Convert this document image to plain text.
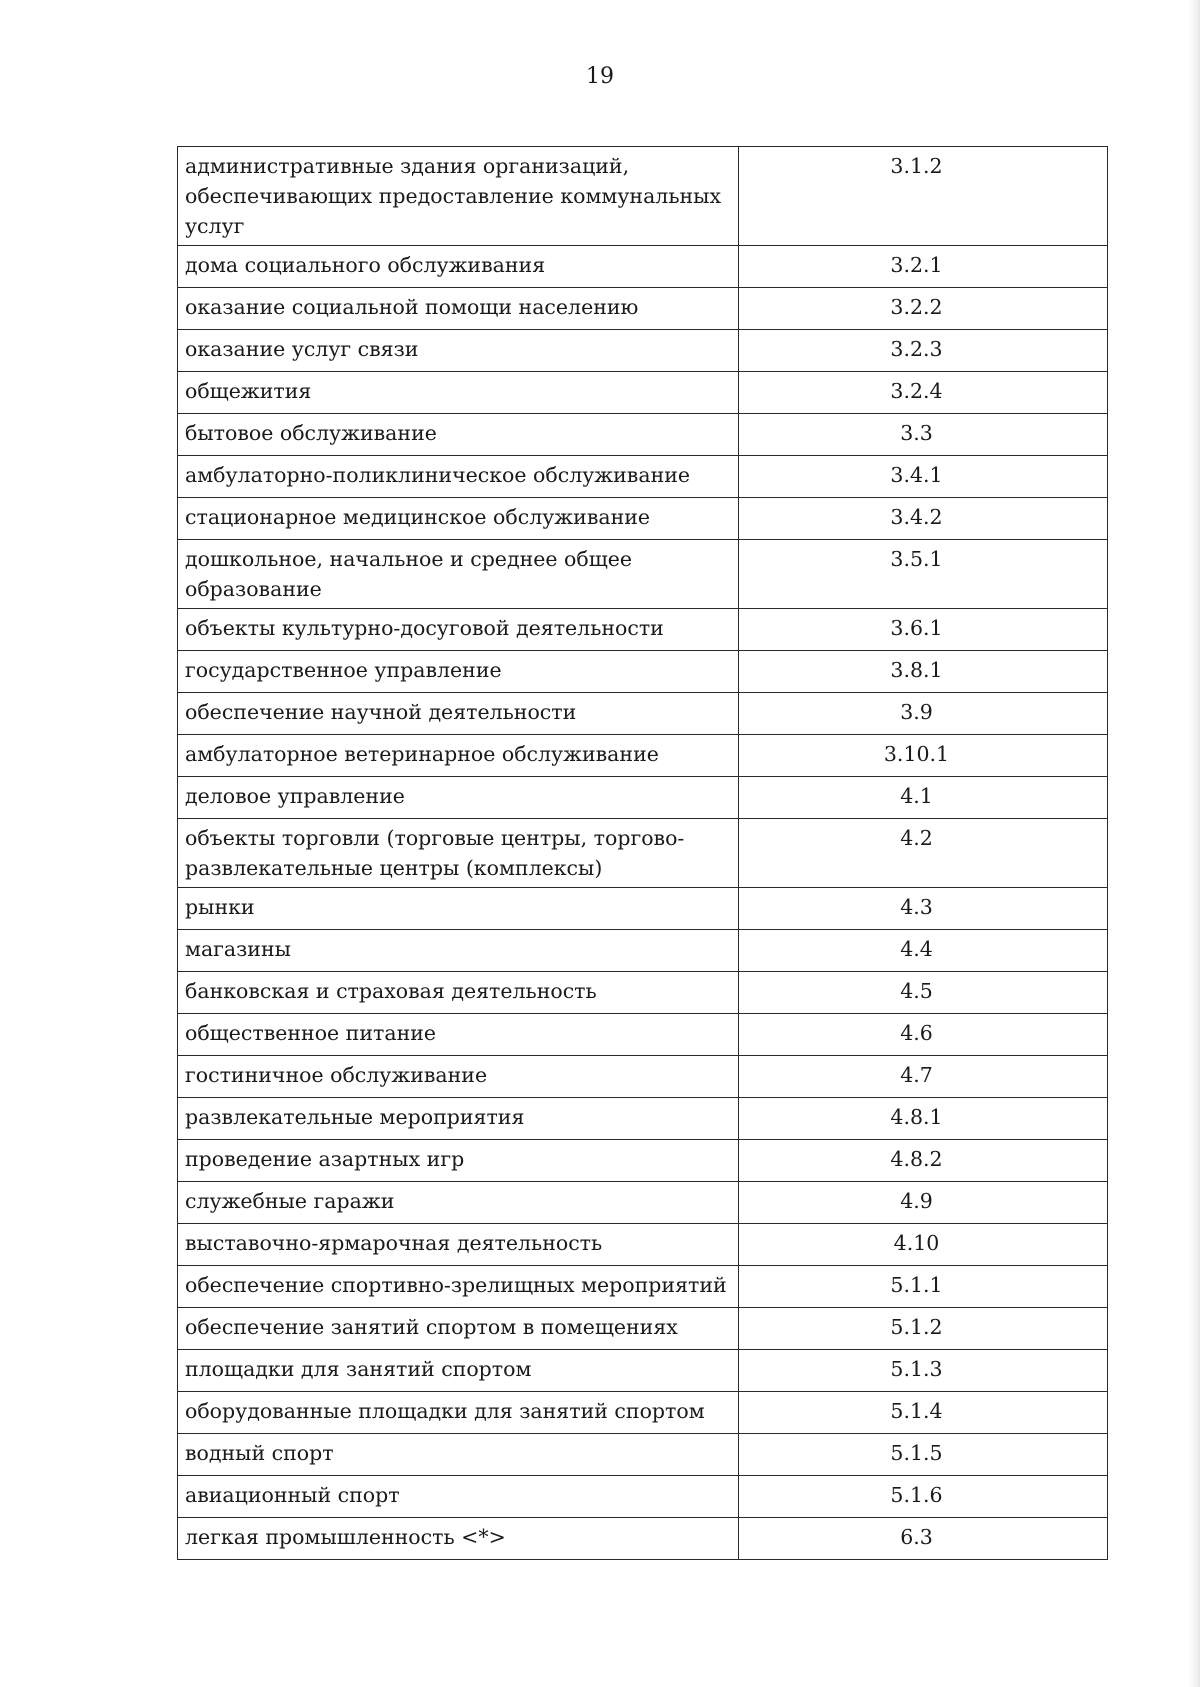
19
административные здания организаций, обеспечивающих предоставление коммунальных услуг	3.1.2
дома социального обслуживания	3.2.1
оказание социальной помощи населению	3.2.2
оказание услуг связи	3.2.3
общежития	3.2.4
бытовое обслуживание	3.3
амбулаторно-поликлиническое обслуживание	3.4.1
стационарное медицинское обслуживание	3.4.2
дошкольное, начальное и среднее общее образование	3.5.1
объекты культурно-досуговой деятельности	3.6.1
государственное управление	3.8.1
обеспечение научной деятельности	3.9
амбулаторное ветеринарное обслуживание	3.10.1
деловое управление	4.1
объекты торговли (торговые центры, торгово-развлекательные центры (комплексы)	4.2
рынки	4.3
магазины	4.4
банковская и страховая деятельность	4.5
общественное питание	4.6
гостиничное обслуживание	4.7
развлекательные мероприятия	4.8.1
проведение азартных игр	4.8.2
служебные гаражи	4.9
выставочно-ярмарочная деятельность	4.10
обеспечение спортивно-зрелищных мероприятий	5.1.1
обеспечение занятий спортом в помещениях	5.1.2
площадки для занятий спортом	5.1.3
оборудованные площадки для занятий спортом	5.1.4
водный спорт	5.1.5
авиационный спорт	5.1.6
легкая промышленность <*>	6.3
